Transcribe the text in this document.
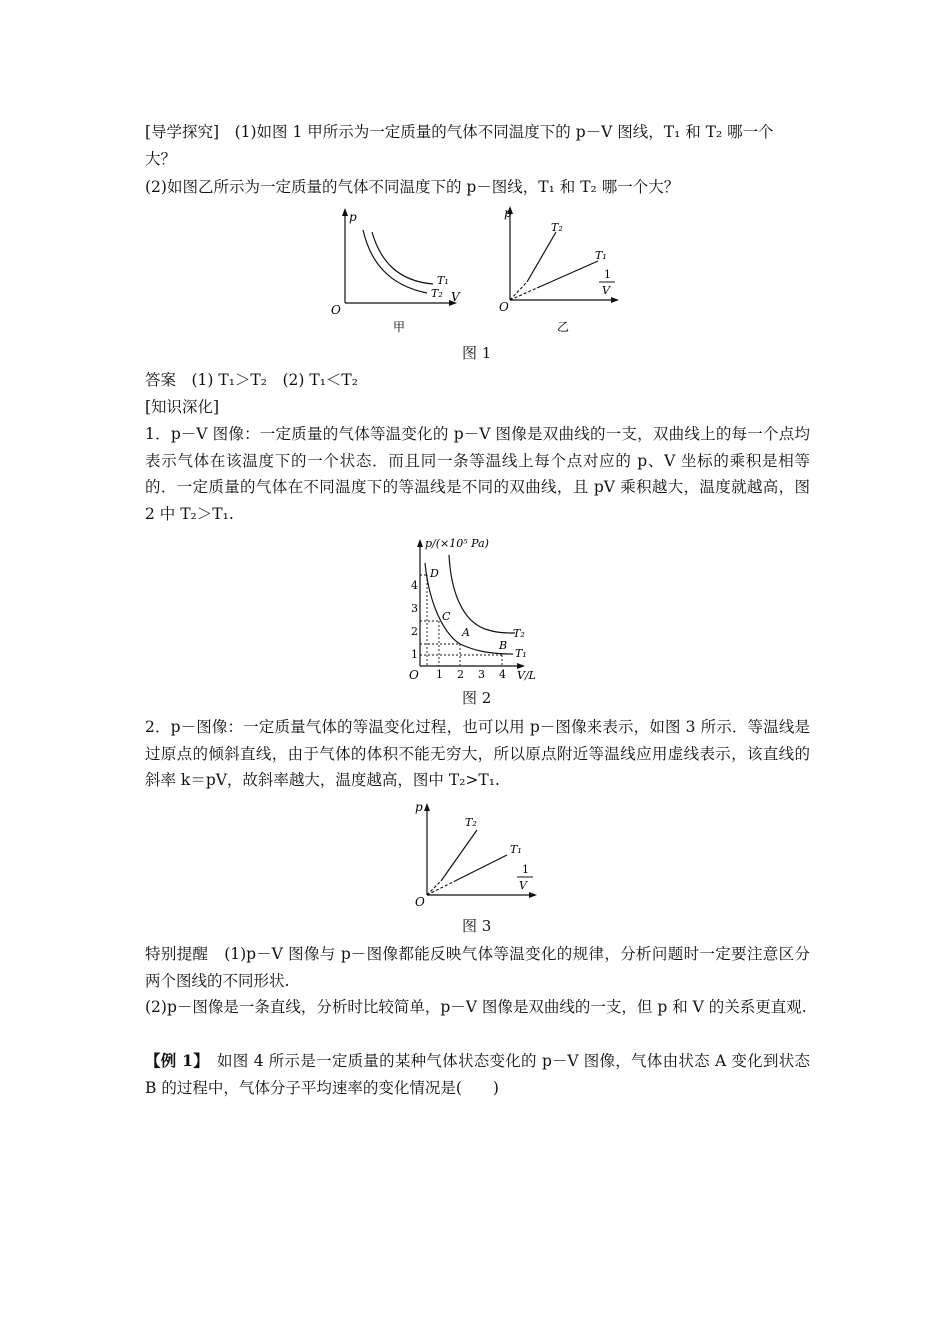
[导学探究]　(1)如图 1 甲所示为一定质量的气体不同温度下的 p－V 图线，T₁ 和 T₂ 哪一个
大？
(2)如图乙所示为一定质量的气体不同温度下的 p－图线，T₁ 和 T₂ 哪一个大？
p
V
O
T₁
T₂
甲
p
O
T₂
T₁
1
V
乙
图 1
答案　(1) T₁＞T₂　(2) T₁＜T₂
[知识深化]
1．p－V 图像：一定质量的气体等温变化的 p－V 图像是双曲线的一支，双曲线上的每一个点均表示气体在该温度下的一个状态．而且同一条等温线上每个点对应的 p、V 坐标的乘积是相等的．一定质量的气体在不同温度下的等温线是不同的双曲线，且 pV 乘积越大，温度就越高，图 2 中 T₂＞T₁.
p/(×10⁵ Pa)
V/L
O
1
2
3
4
1 2 3 4
D
C
A
B
T₂
T₁
图 2
2．p－图像：一定质量气体的等温变化过程，也可以用 p－图像来表示，如图 3 所示．等温线是过原点的倾斜直线，由于气体的体积不能无穷大，所以原点附近等温线应用虚线表示，该直线的斜率 k＝pV，故斜率越大，温度越高，图中 T₂>T₁.
p
O
T₂
T₁
1
V
图 3
特别提醒　(1)p－V 图像与 p－图像都能反映气体等温变化的规律，分析问题时一定要注意区分两个图线的不同形状.
(2)p－图像是一条直线，分析时比较简单，p－V 图像是双曲线的一支，但 p 和 V 的关系更直观.
【例 1】　如图 4 所示是一定质量的某种气体状态变化的 p－V 图像，气体由状态 A 变化到状态 B 的过程中，气体分子平均速率的变化情况是(　　)
